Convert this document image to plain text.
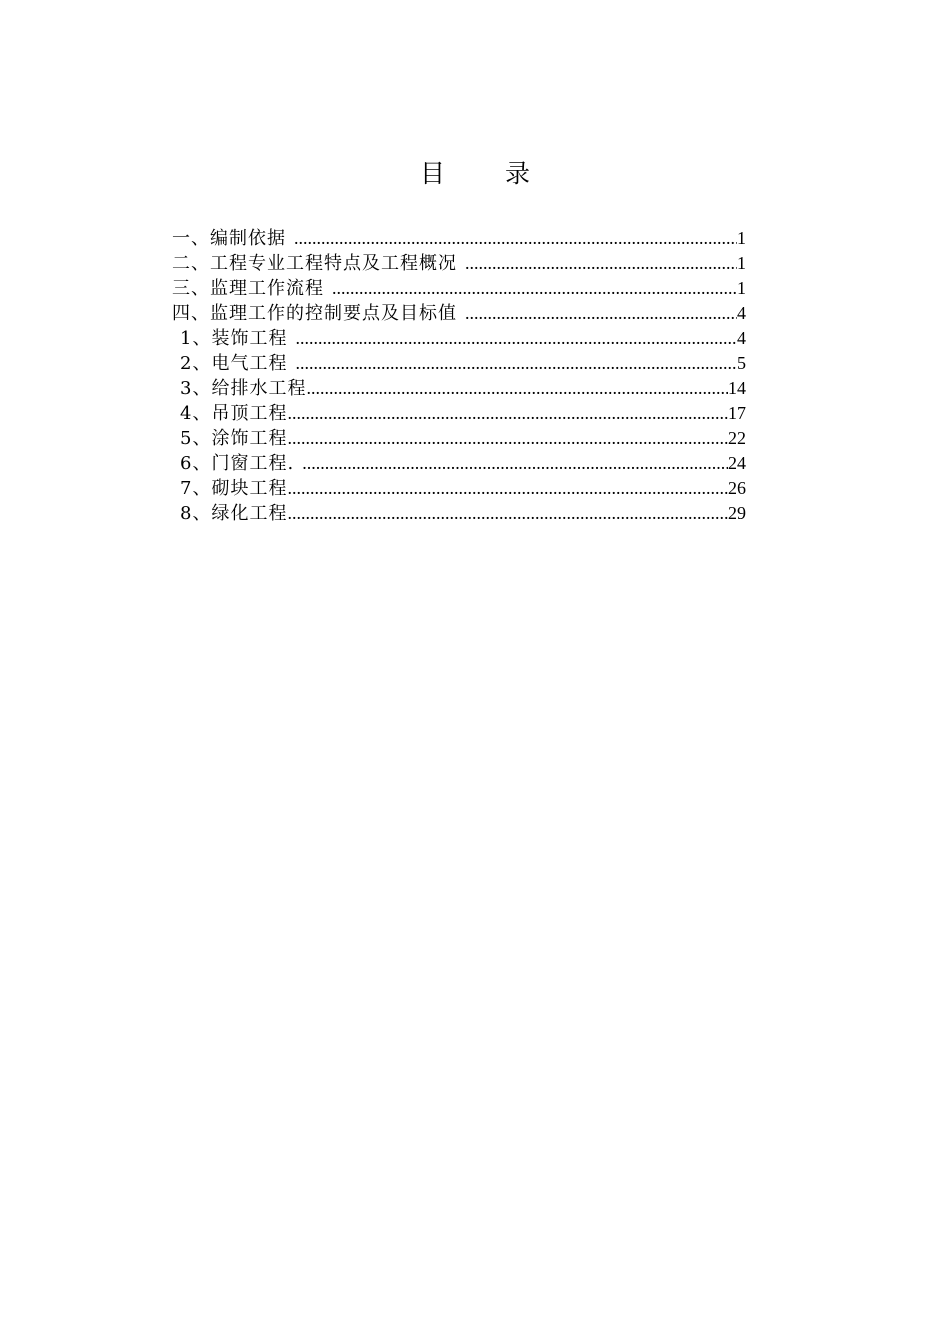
目 录
一、编制依据 .....	1
二、工程专业工程特点及工程概况 .....	1
三、监理工作流程 .....	1
四、监理工作的控制要点及目标值 .....	4
1、装饰工程 .....	4
2、电气工程 .....	5
3、给排水工程 .....	14
4、吊顶工程 .....	17
5、涂饰工程 .....	22
6、门窗工程. .....	24
7、砌块工程 .....	26
8、绿化工程 .....	29
